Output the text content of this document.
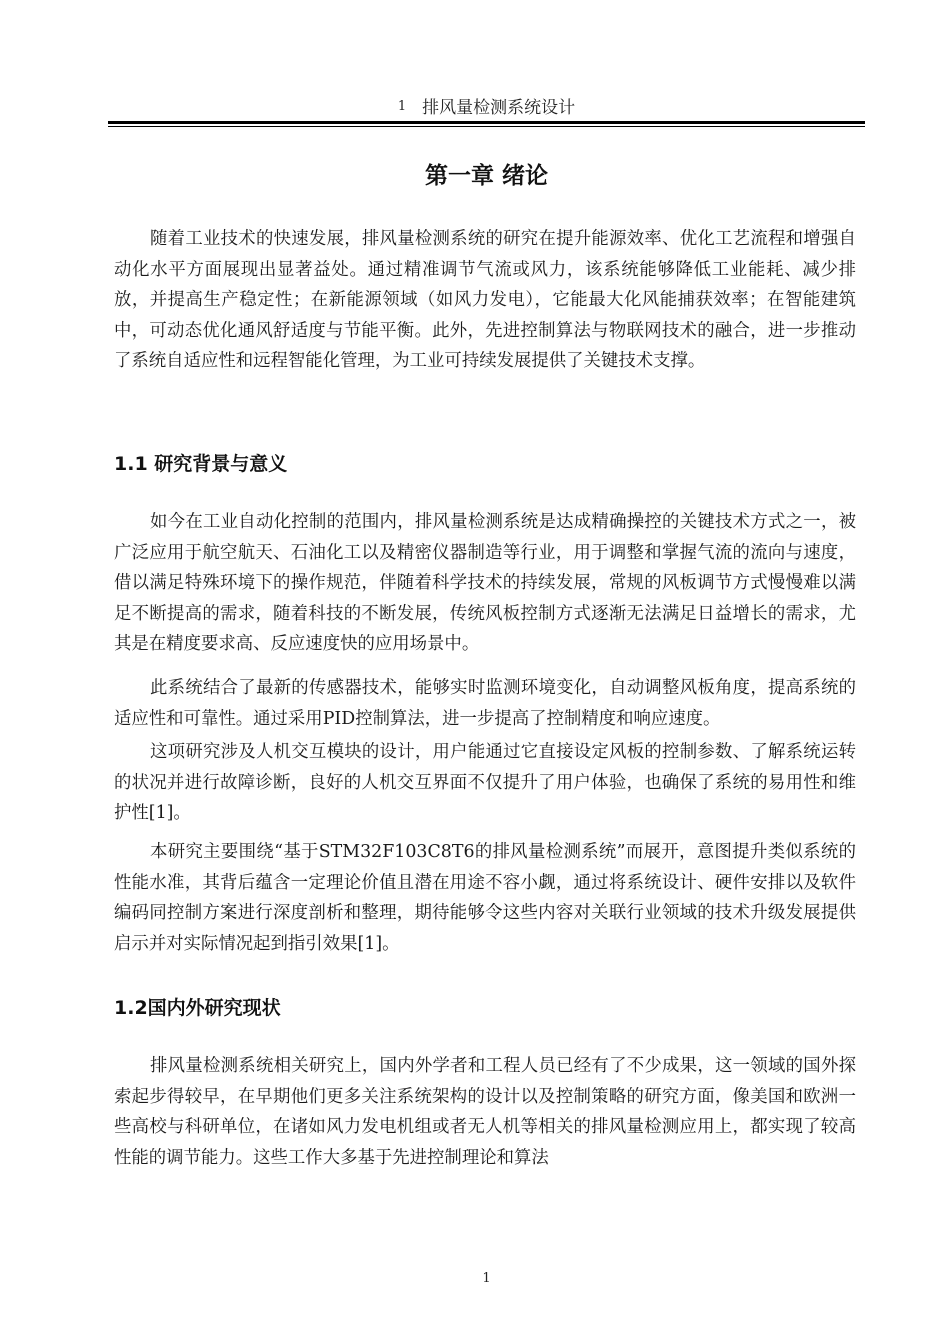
1 排风量检测系统设计
第一章 绪论

随着工业技术的快速发展，排风量检测系统的研究在提升能源效率、优化工艺流程和增强自动化水平方面展现出显著益处。通过精准调节气流或风力，该系统能够降低工业能耗、减少排放，并提高生产稳定性；在新能源领域（如风力发电），它能最大化风能捕获效率；在智能建筑中，可动态优化通风舒适度与节能平衡。此外，先进控制算法与物联网技术的融合，进一步推动了系统自适应性和远程智能化管理，为工业可持续发展提供了关键技术支撑。

1.1 研究背景与意义

如今在工业自动化控制的范围内，排风量检测系统是达成精确操控的关键技术方式之一，被广泛应用于航空航天、石油化工以及精密仪器制造等行业，用于调整和掌握气流的流向与速度，借以满足特殊环境下的操作规范，伴随着科学技术的持续发展，常规的风板调节方式慢慢难以满足不断提高的需求，随着科技的不断发展，传统风板控制方式逐渐无法满足日益增长的需求，尤其是在精度要求高、反应速度快的应用场景中。

此系统结合了最新的传感器技术，能够实时监测环境变化，自动调整风板角度，提高系统的适应性和可靠性。通过采用PID控制算法，进一步提高了控制精度和响应速度。

这项研究涉及人机交互模块的设计，用户能通过它直接设定风板的控制参数、了解系统运转的状况并进行故障诊断，良好的人机交互界面不仅提升了用户体验，也确保了系统的易用性和维护性[1]。

本研究主要围绕“基于STM32F103C8T6的排风量检测系统”而展开，意图提升类似系统的性能水准，其背后蕴含一定理论价值且潜在用途不容小觑，通过将系统设计、硬件安排以及软件编码同控制方案进行深度剖析和整理，期待能够令这些内容对关联行业领域的技术升级发展提供启示并对实际情况起到指引效果[1]。

1.2国内外研究现状

排风量检测系统相关研究上，国内外学者和工程人员已经有了不少成果，这一领域的国外探索起步得较早，在早期他们更多关注系统架构的设计以及控制策略的研究方面，像美国和欧洲一些高校与科研单位，在诸如风力发电机组或者无人机等相关的排风量检测应用上，都实现了较高性能的调节能力。这些工作大多基于先进控制理论和算法

1
